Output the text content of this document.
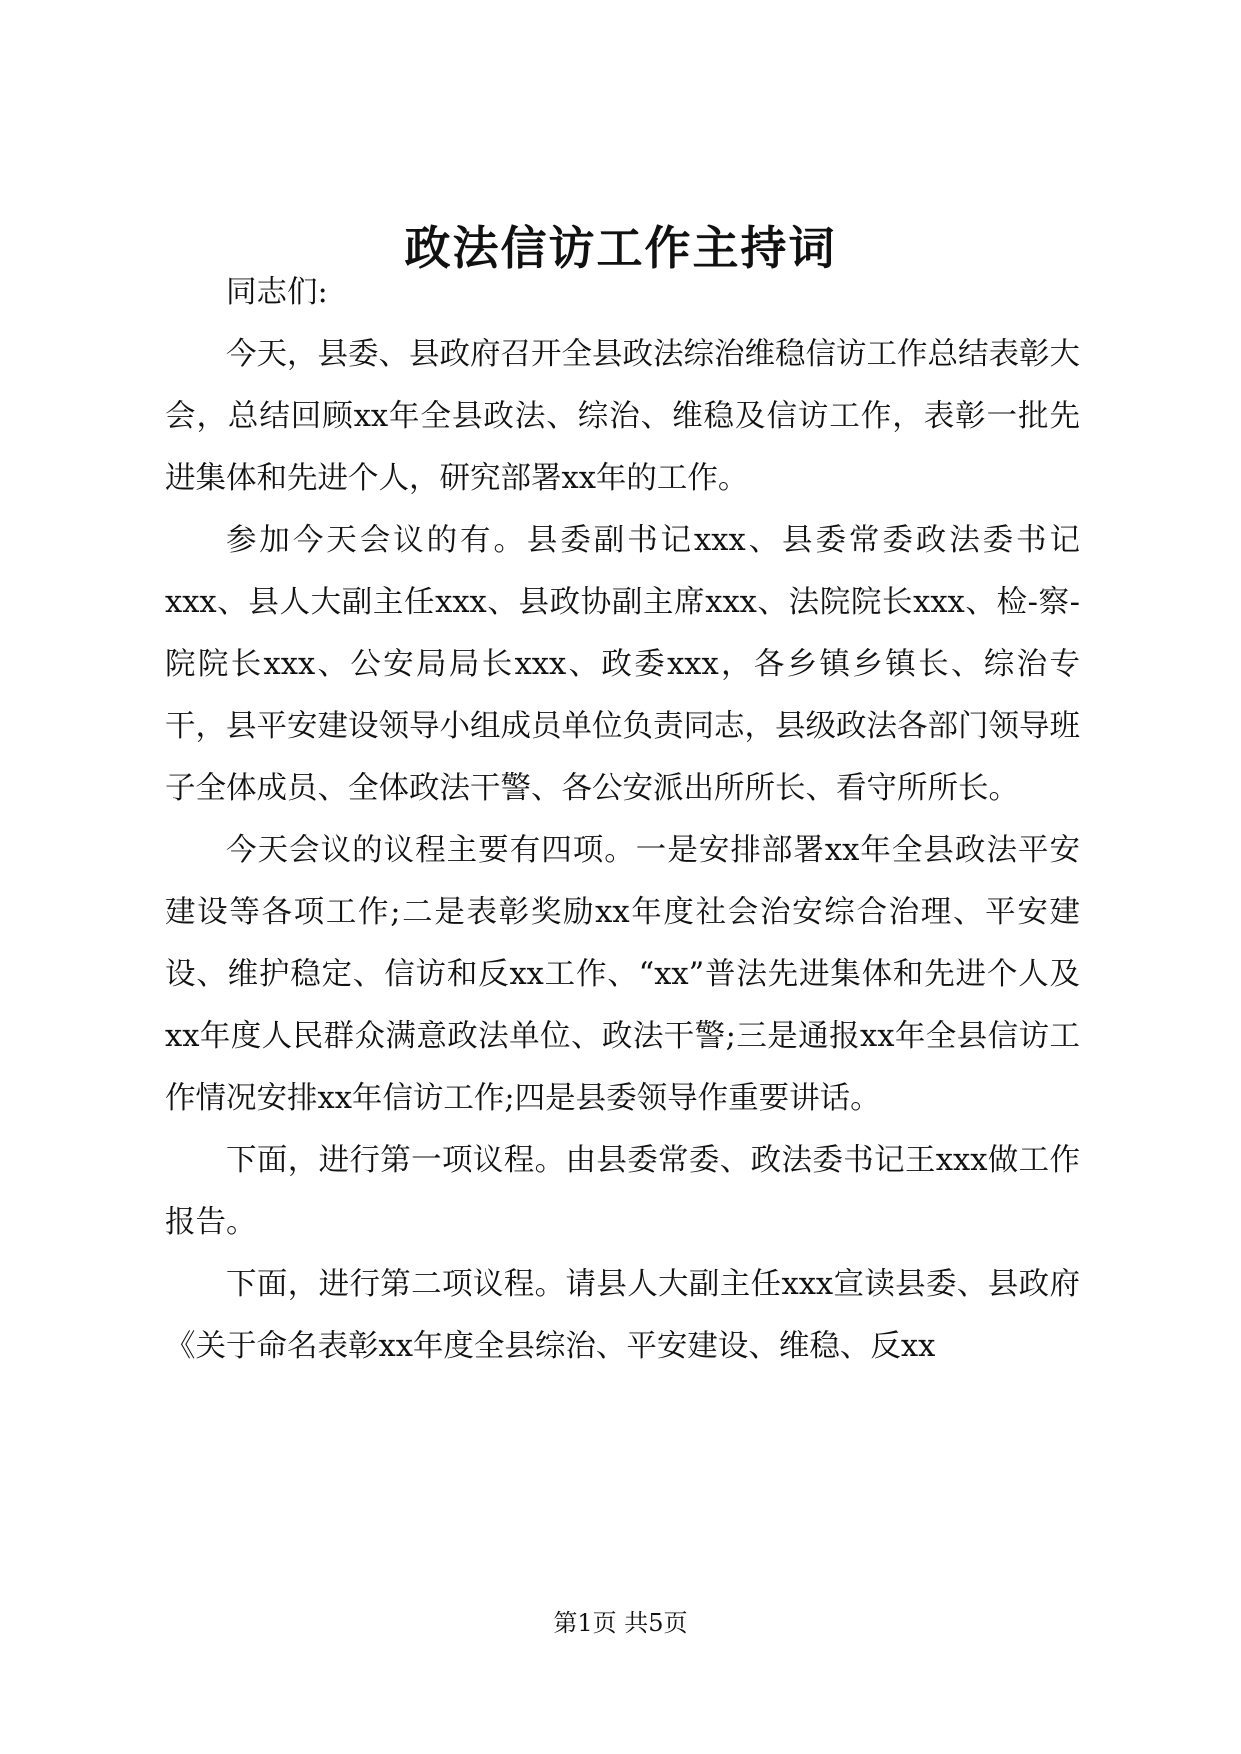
政法信访工作主持词

同志们:

今天，县委、县政府召开全县政法综治维稳信访工作总结表彰大会，总结回顾xx年全县政法、综治、维稳及信访工作，表彰一批先进集体和先进个人，研究部署xx年的工作。

参加今天会议的有。县委副书记xxx、县委常委政法委书记xxx、县人大副主任xxx、县政协副主席xxx、法院院长xxx、检-察-院院长xxx、公安局局长xxx、政委xxx，各乡镇乡镇长、综治专干，县平安建设领导小组成员单位负责同志，县级政法各部门领导班子全体成员、全体政法干警、各公安派出所所长、看守所所长。

今天会议的议程主要有四项。一是安排部署xx年全县政法平安建设等各项工作;二是表彰奖励xx年度社会治安综合治理、平安建设、维护稳定、信访和反xx工作、“xx”普法先进集体和先进个人及xx年度人民群众满意政法单位、政法干警;三是通报xx年全县信访工作情况安排xx年信访工作;四是县委领导作重要讲话。

下面，进行第一项议程。由县委常委、政法委书记王xxx做工作报告。

下面，进行第二项议程。请县人大副主任xxx宣读县委、县政府《关于命名表彰xx年度全县综治、平安建设、维稳、反xx

第1页 共5页
